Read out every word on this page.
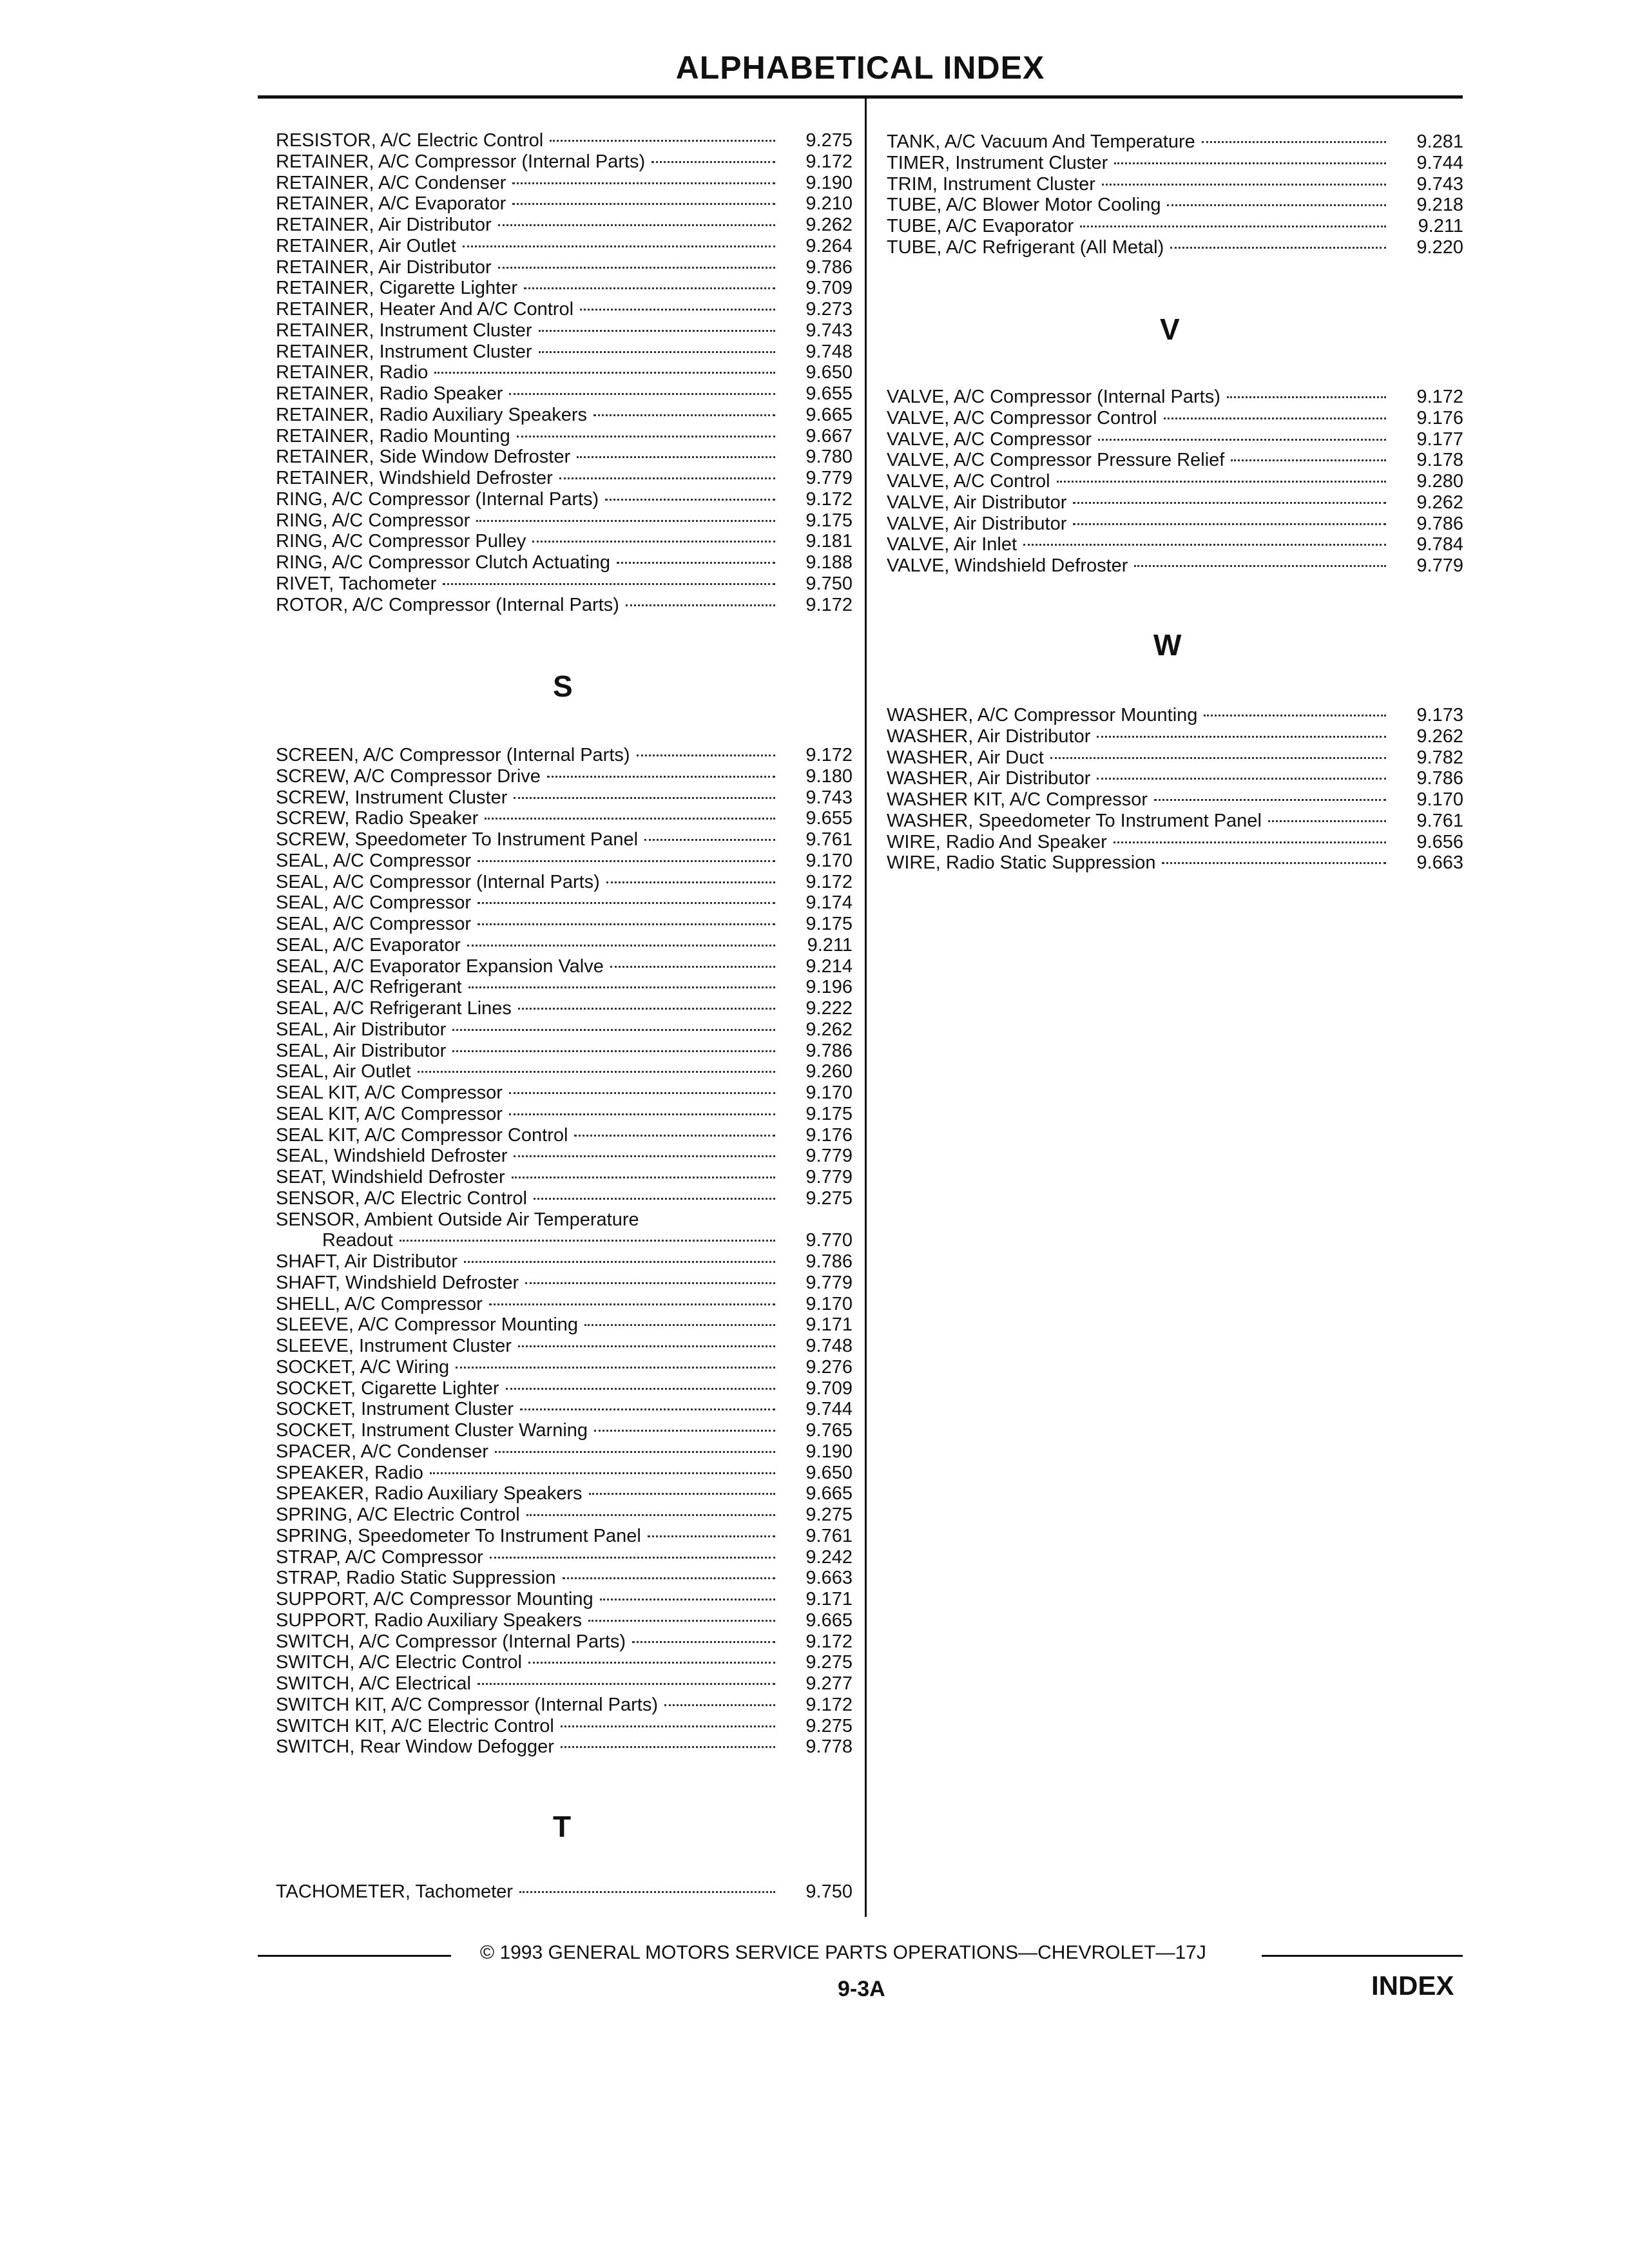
ALPHABETICAL INDEX
RESISTOR, A/C Electric Control	9.275
RETAINER, A/C Compressor (Internal Parts)	9.172
RETAINER, A/C Condenser	9.190
RETAINER, A/C Evaporator	9.210
RETAINER, Air Distributor	9.262
RETAINER, Air Outlet	9.264
RETAINER, Air Distributor	9.786
RETAINER, Cigarette Lighter	9.709
RETAINER, Heater And A/C Control	9.273
RETAINER, Instrument Cluster	9.743
RETAINER, Instrument Cluster	9.748
RETAINER, Radio	9.650
RETAINER, Radio Speaker	9.655
RETAINER, Radio Auxiliary Speakers	9.665
RETAINER, Radio Mounting	9.667
RETAINER, Side Window Defroster	9.780
RETAINER, Windshield Defroster	9.779
RING, A/C Compressor (Internal Parts)	9.172
RING, A/C Compressor	9.175
RING, A/C Compressor Pulley	9.181
RING, A/C Compressor Clutch Actuating	9.188
RIVET, Tachometer	9.750
ROTOR, A/C Compressor (Internal Parts)	9.172
SCREEN, A/C Compressor (Internal Parts)	9.172
SCREW, A/C Compressor Drive	9.180
SCREW, Instrument Cluster	9.743
SCREW, Radio Speaker	9.655
SCREW, Speedometer To Instrument Panel	9.761
SEAL, A/C Compressor	9.170
SEAL, A/C Compressor (Internal Parts)	9.172
SEAL, A/C Compressor	9.174
SEAL, A/C Compressor	9.175
SEAL, A/C Evaporator	9.211
SEAL, A/C Evaporator Expansion Valve	9.214
SEAL, A/C Refrigerant	9.196
SEAL, A/C Refrigerant Lines	9.222
SEAL, Air Distributor	9.262
SEAL, Air Distributor	9.786
SEAL, Air Outlet	9.260
SEAL KIT, A/C Compressor	9.170
SEAL KIT, A/C Compressor	9.175
SEAL KIT, A/C Compressor Control	9.176
SEAL, Windshield Defroster	9.779
SEAT, Windshield Defroster	9.779
SENSOR, A/C Electric Control	9.275
SENSOR, Ambient Outside Air Temperature
Readout	9.770
SHAFT, Air Distributor	9.786
SHAFT, Windshield Defroster	9.779
SHELL, A/C Compressor	9.170
SLEEVE, A/C Compressor Mounting	9.171
SLEEVE, Instrument Cluster	9.748
SOCKET, A/C Wiring	9.276
SOCKET, Cigarette Lighter	9.709
SOCKET, Instrument Cluster	9.744
SOCKET, Instrument Cluster Warning	9.765
SPACER, A/C Condenser	9.190
SPEAKER, Radio	9.650
SPEAKER, Radio Auxiliary Speakers	9.665
SPRING, A/C Electric Control	9.275
SPRING, Speedometer To Instrument Panel	9.761
STRAP, A/C Compressor	9.242
STRAP, Radio Static Suppression	9.663
SUPPORT, A/C Compressor Mounting	9.171
SUPPORT, Radio Auxiliary Speakers	9.665
SWITCH, A/C Compressor (Internal Parts)	9.172
SWITCH, A/C Electric Control	9.275
SWITCH, A/C Electrical	9.277
SWITCH KIT, A/C Compressor (Internal Parts)	9.172
SWITCH KIT, A/C Electric Control	9.275
SWITCH, Rear Window Defogger	9.778
TACHOMETER, Tachometer	9.750
TANK, A/C Vacuum And Temperature	9.281
TIMER, Instrument Cluster	9.744
TRIM, Instrument Cluster	9.743
TUBE, A/C Blower Motor Cooling	9.218
TUBE, A/C Evaporator	9.211
TUBE, A/C Refrigerant (All Metal)	9.220
VALVE, A/C Compressor (Internal Parts)	9.172
VALVE, A/C Compressor Control	9.176
VALVE, A/C Compressor	9.177
VALVE, A/C Compressor Pressure Relief	9.178
VALVE, A/C Control	9.280
VALVE, Air Distributor	9.262
VALVE, Air Distributor	9.786
VALVE, Air Inlet	9.784
VALVE, Windshield Defroster	9.779
WASHER, A/C Compressor Mounting	9.173
WASHER, Air Distributor	9.262
WASHER, Air Duct	9.782
WASHER, Air Distributor	9.786
WASHER KIT, A/C Compressor	9.170
WASHER, Speedometer To Instrument Panel	9.761
WIRE, Radio And Speaker	9.656
WIRE, Radio Static Suppression	9.663
S
T
V
W
© 1993 GENERAL MOTORS SERVICE PARTS OPERATIONS—CHEVROLET—17J
9-3A	INDEX
